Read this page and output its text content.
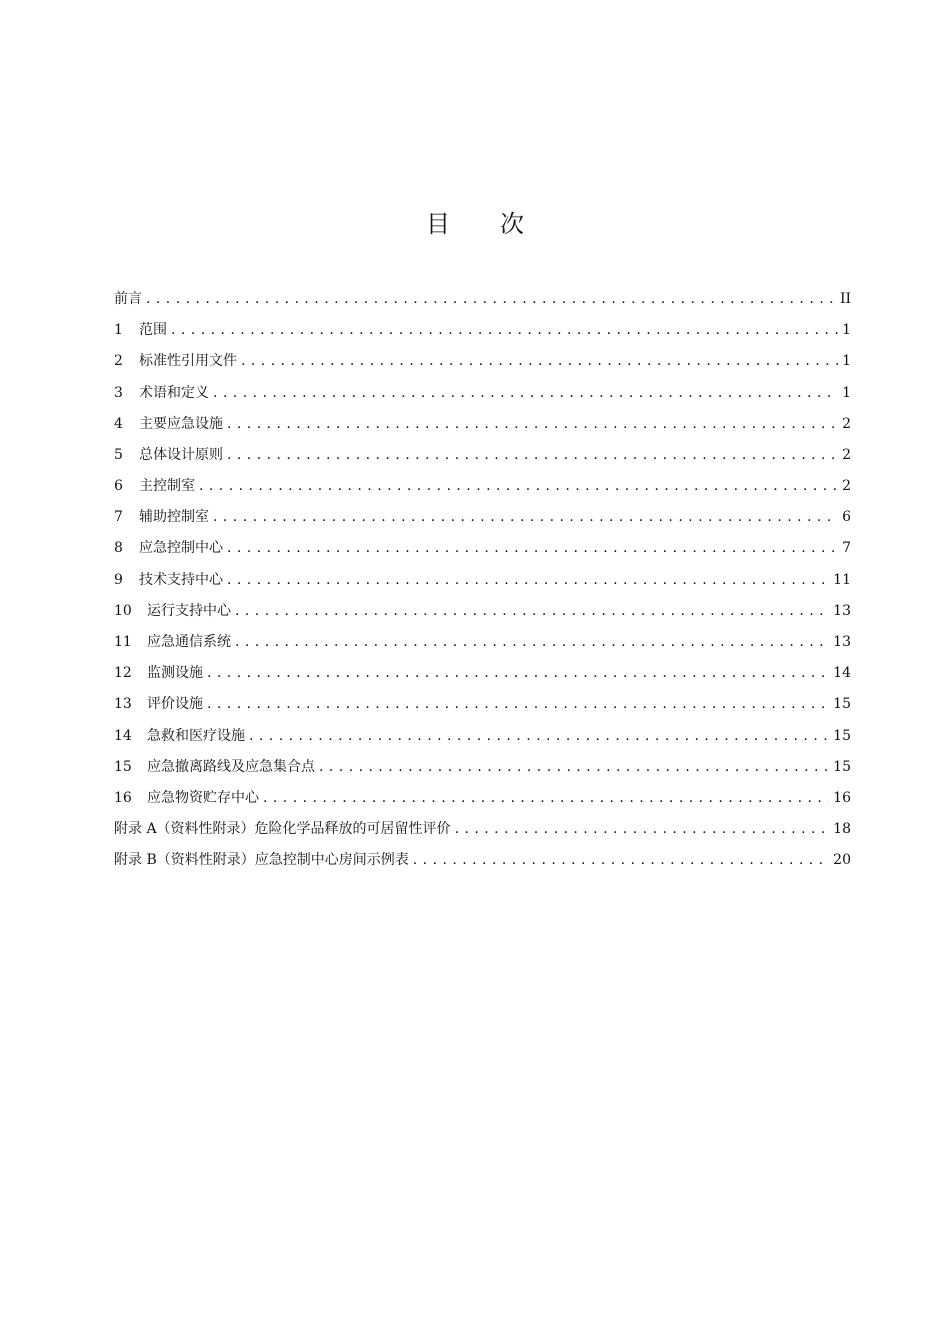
目次
前言 . . .	II
1	范围 . . .	1
2	标准性引用文件 . . .	1
3	术语和定义 . . .	1
4	主要应急设施 . . .	2
5	总体设计原则 . . .	2
6	主控制室 . . .	2
7	辅助控制室 . . .	6
8	应急控制中心 . . .	7
9	技术支持中心 . . .	11
10	运行支持中心 . . .	13
11	应急通信系统 . . .	13
12	监测设施 . . .	14
13	评价设施 . . .	15
14	急救和医疗设施 . . .	15
15	应急撤离路线及应急集合点 . . .	15
16	应急物资贮存中心 . . .	16
附录 A（资料性附录）危险化学品释放的可居留性评价 . . .	18
附录 B（资料性附录）应急控制中心房间示例表 . . .	20
